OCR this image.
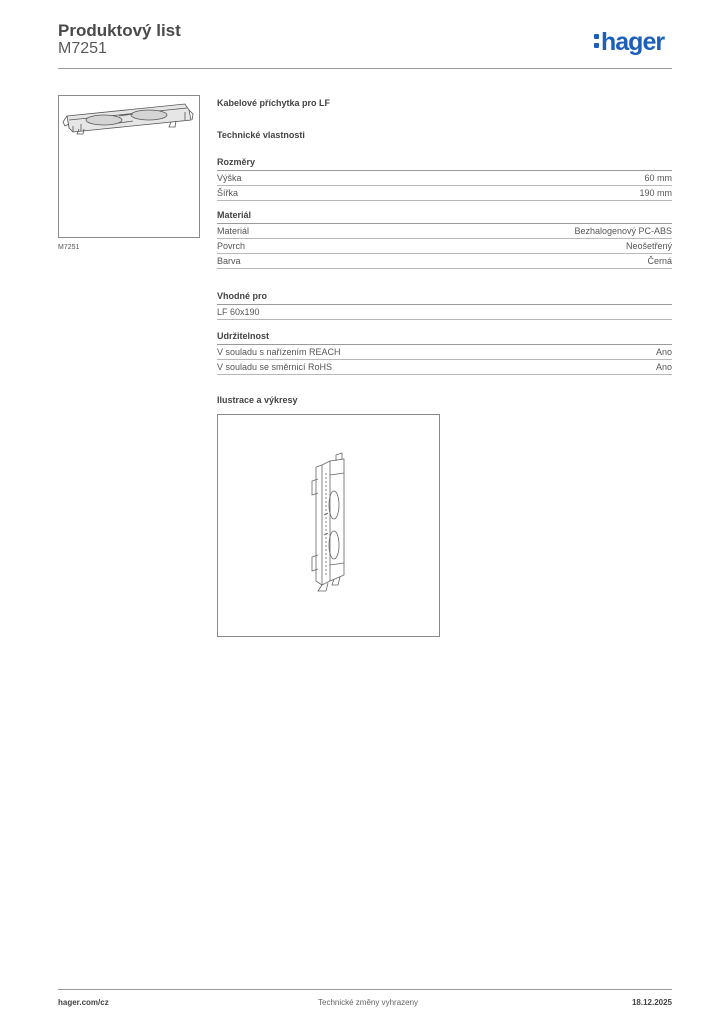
Produktový list
M7251	hager
M7251
Kabelové příchytka pro LF
Technické vlastnosti
Rozměry
Výška	60 mm
Šířka	190 mm
Materiál
Materiál	Bezhalogenový PC-ABS
Povrch	Neošetřený
Barva	Černá
Vhodné pro
LF 60x190
Udržitelnost
V souladu s nařízením REACH	Ano
V souladu se směrnicí RoHS	Ano
Ilustrace a výkresy
hager.com/cz	Technické změny vyhrazeny	18.12.2025
